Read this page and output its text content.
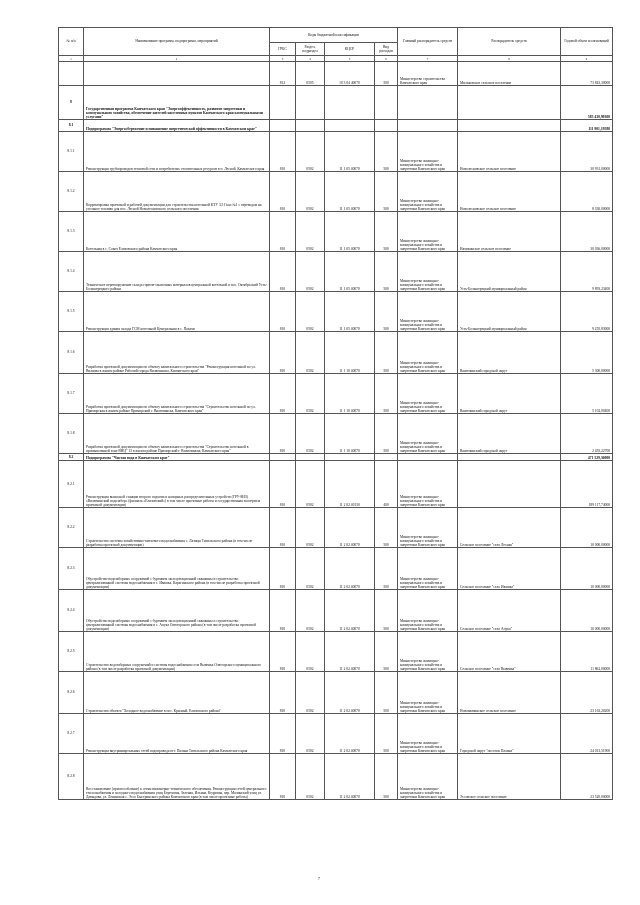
№ п/п	Наименование программ, подпрограмм, мероприятий	Коды бюджетной классификации				Главный распорядитель средств	Распорядитель средств	Годовой объем ассигнований
		ГРБС	Раздел, подраздел	КЦСР	Вид расходов			
1	2	3	4	5	6	7	8	9
		812	0505	10 3 04 40070	500	Министерство строительства Камчатского края	Мильковское сельское поселение	73 843,30000
8	Государственная программа Камчатского края "Энергоэффективность, развитие энергетики и коммунального хозяйства, обеспечение жителей населенных пунктов Камчатского края коммунальными услугами"							583 430,90300
8.1	Подпрограмма "Энергосбережение и повышение энергетической эффективности в Камчатском крае"							111 901,19580
8.1.1	Реконструкция трубопроводов тепловой сети и потребителях отопительных ресурсов в п. Лесной, Камчатского края	810	0502	11 1 05 40070	500	Министерство жилищно-коммунального хозяйства и энергетики Камчатского края	Новолесновское сельское поселение	30 931,00000
8.1.2	Корректировка проектной и рабочей документации для строительства котельной КТУ 3,5 Гкал №1 с переводом на угольное топливо для пос. Лесной Новолесновского сельского поселения	810	0502	11 1 05 40070	500	Министерство жилищно-коммунального хозяйства и энергетики Камчатского края	Новолесновское сельское поселение	8 330,00000
8.1.3	Котельная в с. Сокоч Елизовского района Камчатского края	810	0502	11 1 05 40070	500	Министерство жилищно-коммунального хозяйства и энергетики Камчатского края	Начикинское сельское поселение	30 036,00000
8.1.4	Техническое перевооружение склада горюче-смазочных материалов центральной котельной в пос. Октябрьский Усть-Большерецкого района	810	0502	11 1 05 40070	500	Министерство жилищно-коммунального хозяйства и энергетики Камчатского края	Усть-Большерецкий муниципальный район	9 893,23400
8.1.5	Реконструкция здания склада ГСМ котельной Центральная в с. Пахачи	810	0502	11 1 05 40070	500	Министерство жилищно-коммунального хозяйства и энергетики Камчатского края	Усть-Большерецкий муниципальный район	9 255,83000
8.1.6	Разработка проектной документации по объекту капитального строительства "Реконструкция котельной по ул. Вилкова в жилом районе Рабочий города Вилючинска, Камчатского края"	810	0502	11 1 10 40070	500	Министерство жилищно-коммунального хозяйства и энергетики Камчатского края	Вилючинский городской округ	5 300,00000
8.1.7	Разработка проектной документации по объекту капитального строительства "Строительство котельной по ул. Приморская в жилом районе Приморский г. Вилючинска, Камчатского края"	810	0502	11 1 10 40070	500	Министерство жилищно-коммунального хозяйства и энергетики Камчатского края	Вилючинский городской округ	5 102,00400
8.1.8	Разработка проектной документации по объекту капитального строительства "Строительство котельной в промышленной зоне ВНЦ" 13 в жилом районе Приморский г. Вилючинска, Камчатского края"	810	0502	11 1 10 40070	500	Министерство жилищно-коммунального хозяйства и энергетики Камчатского края	Вилючинский городской округ	2 455,22700
8.2	Подпрограмма "Чистая вода в Камчатском крае"							471 529,36000
8.2.1	Реконструкция выносной станции второго подъема и напорных распределительных устройств (ГРУ-8ИЗ) «Вилючинский водозабор» (филиала «Елизовский») в том числе проектные работы и государственная экспертиза проектной документации)	810	0502	11 2 02 40130	400	Министерство жилищно-коммунального хозяйства и энергетики Камчатского края		189 117,74000
8.2.2	Строительство системы хозяйственно-питьевого водоснабжения с. Лазицы Тигильского района (в том числе разработка проектной документации)	810	0502	11 2 02 40070	500	Министерство жилищно-коммунального хозяйства и энергетики Камчатского края	Сельское поселение "село Лесная"	10 000,00000
8.2.3	Обустройство водозаборных сооружений с бурением эксплуатационной скважины и строительство централизованной системы водоснабжения в с. Ивашка, Карагинского района (в том числе разработка проектной документации)	810	0502	11 2 02 40070	500	Министерство жилищно-коммунального хозяйства и энергетики Камчатского края	Сельское поселение "село Ивашка"	10 000,00000
8.2.4	Обустройство водозаборных сооружений с бурением эксплуатационной скважины и строительство централизованной системы водоснабжения в с. Апука Олюторского района (в том числе разработка проектной документации)	810	0502	11 2 02 40070	500	Министерство жилищно-коммунального хозяйства и энергетики Камчатского края	Сельское поселение "село Апука"	10 000,00000
8.2.5	Строительство водозаборных сооружений и системы водоснабжения села Вывенка Олюторского муниципального района (в том числе разработка проектной документации)	810	0502	11 2 02 40070	500	Министерство жилищно-коммунального хозяйства и энергетики Камчатского края	Сельское поселение "село Вывенка"	11 862,00000
8.2.6	Строительство объекта "Холодное водоснабжение в пос. Красный, Елизовского района"	810	0502	11 2 02 40070	500	Министерство жилищно-коммунального хозяйства и энергетики Камчатского края	Новоавачинское сельское поселение	23 163,20200
8.2.7	Реконструкция внутриквартальных сетей водопровода пгт. Палана Тигильского района Камчатского края	810	0502	11 2 02 40070	500	Министерство жилищно-коммунального хозяйства и энергетики Камчатского края	Городской округ "поселок Палана"	24 013,51900
8.2.8	Восстановление (приспособление) к сетям инженерно-технического обеспечения. Реконструкция сетей центрального теплоснабжения и холодного водоснабжения улиц Березовая, Зеленая, Ильина, Кедровая, пер. Малинский улиц ул. Давыдова, ул. Ленинская с. Эссо Быстринского района Камчатского края (в том числе проектные работы)	810	0502	11 2 02 40070	500	Министерство жилищно-коммунального хозяйства и энергетики Камчатского края	Эссовское сельское поселение	23 520,00000
7
